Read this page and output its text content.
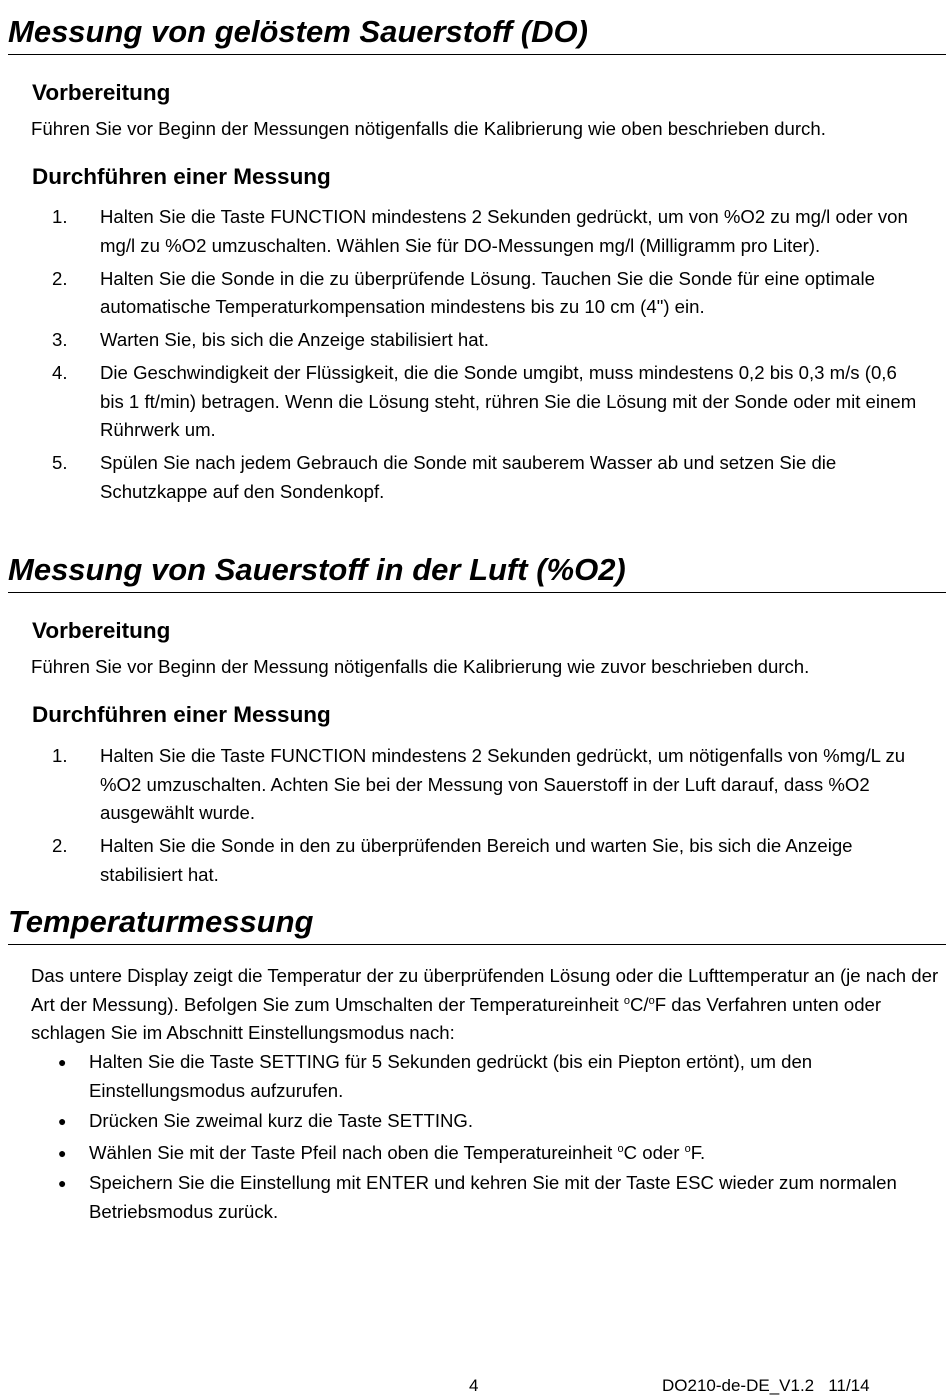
Messung von gelöstem Sauerstoff (DO)
Vorbereitung
Führen Sie vor Beginn der Messungen nötigenfalls die Kalibrierung wie oben beschrieben durch.
Durchführen einer Messung
1.	Halten Sie die Taste FUNCTION mindestens 2 Sekunden gedrückt, um von %O2 zu mg/l oder von mg/l zu %O2 umzuschalten. Wählen Sie für DO-Messungen mg/l (Milligramm pro Liter).
2.	Halten Sie die Sonde in die zu überprüfende Lösung. Tauchen Sie die Sonde für eine optimale automatische Temperaturkompensation mindestens bis zu 10 cm (4") ein.
3.	Warten Sie, bis sich die Anzeige stabilisiert hat.
4.	Die Geschwindigkeit der Flüssigkeit, die die Sonde umgibt, muss mindestens 0,2 bis 0,3 m/s (0,6 bis 1 ft/min) betragen. Wenn die Lösung steht, rühren Sie die Lösung mit der Sonde oder mit einem Rührwerk um.
5.	Spülen Sie nach jedem Gebrauch die Sonde mit sauberem Wasser ab und setzen Sie die Schutzkappe auf den Sondenkopf.
Messung von Sauerstoff in der Luft (%O2)
Vorbereitung
Führen Sie vor Beginn der Messung nötigenfalls die Kalibrierung wie zuvor beschrieben durch.
Durchführen einer Messung
1.	Halten Sie die Taste FUNCTION mindestens 2 Sekunden gedrückt, um nötigenfalls von %mg/L zu %O2 umzuschalten. Achten Sie bei der Messung von Sauerstoff in der Luft darauf, dass %O2 ausgewählt wurde.
2.	Halten Sie die Sonde in den zu überprüfenden Bereich und warten Sie, bis sich die Anzeige stabilisiert hat.
Temperaturmessung
Das untere Display zeigt die Temperatur der zu überprüfenden Lösung oder die Lufttemperatur an (je nach der Art der Messung). Befolgen Sie zum Umschalten der Temperatureinheit $^o$C/$^o$F das Verfahren unten oder schlagen Sie im Abschnitt Einstellungsmodus nach:
● Halten Sie die Taste SETTING für 5 Sekunden gedrückt (bis ein Piepton ertönt), um den Einstellungsmodus aufzurufen.
● Drücken Sie zweimal kurz die Taste SETTING.
● Wählen Sie mit der Taste Pfeil nach oben die Temperatureinheit $^o$C oder $^o$F.
● Speichern Sie die Einstellung mit ENTER und kehren Sie mit der Taste ESC wieder zum normalen Betriebsmodus zurück.
4	DO210-de-DE_V1.2   11/14
